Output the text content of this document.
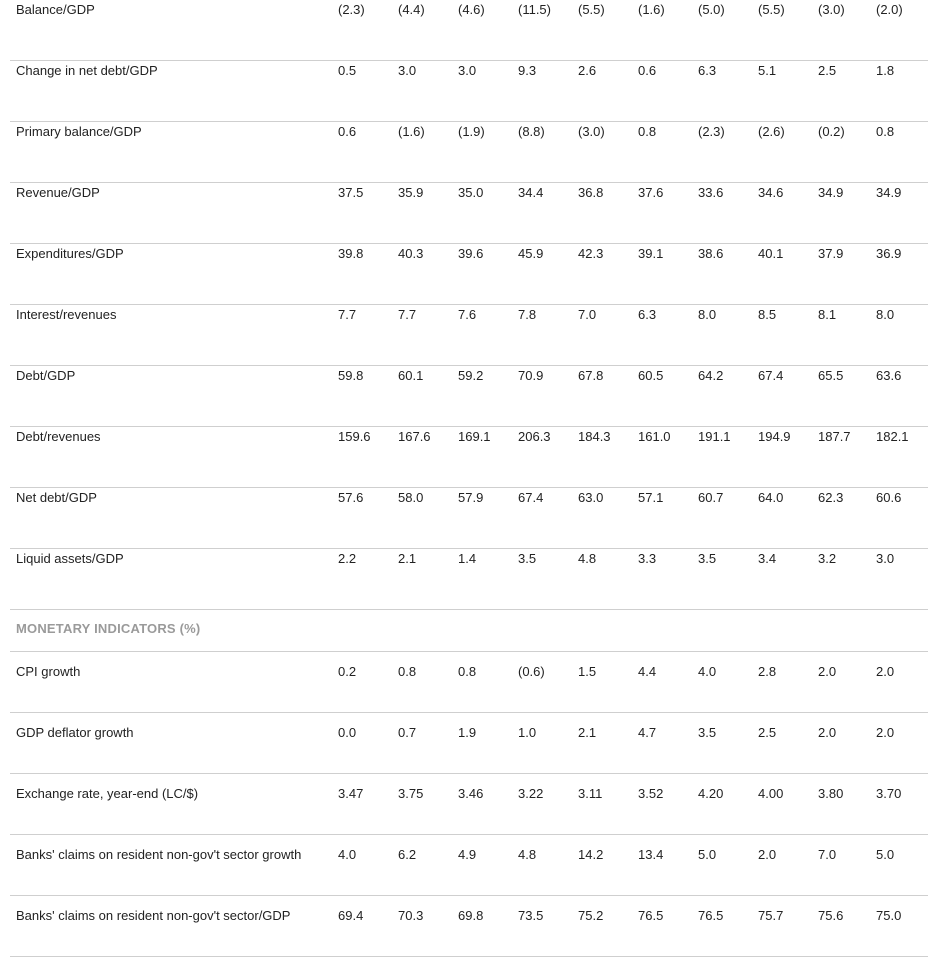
Balance/GDP	(2.3)	(4.4)	(4.6)	(11.5) (5.5)	(1.6)	(5.0)	(5.5)	(3.0) (2.0)
Change in net debt/GDP	0.5	3.0	3.0	9.3	2.6	0.6	6.3	5.1	2.5	1.8
Primary balance/GDP	0.6	(1.6)	(1.9)	(8.8)	(3.0)	0.8	(2.3)	(2.6)	(0.2) 0.8
Revenue/GDP	37.5	35.9	35.0	34.4	36.8	37.6	33.6	34.6	34.9	34.9
Expenditures/GDP	39.8	40.3	39.6	45.9	42.3	39.1	38.6	40.1	37.9	36.9
Interest/revenues	7.7	7.7	7.6	7.8	7.0	6.3	8.0	8.5	8.1	8.0
Debt/GDP	59.8	60.1	59.2	70.9	67.8	60.5	64.2	67.4	65.5	63.6
Debt/revenues	159.6 167.6 169.1 206.3 184.3 161.0 191.1 194.9 187.7 182.1
Net debt/GDP	57.6	58.0	57.9	67.4	63.0	57.1	60.7	64.0	62.3	60.6
Liquid assets/GDP	2.2	2.1	1.4	3.5	4.8	3.3	3.5	3.4	3.2	3.0
MONETARY INDICATORS (%)
CPI growth	0.2	0.8	0.8	(0.6)	1.5	4.4	4.0	2.8	2.0	2.0
GDP deflator growth	0.0	0.7	1.9	1.0	2.1	4.7	3.5	2.5	2.0	2.0
Exchange rate, year-end (LC/$)	3.47	3.75	3.46	3.22	3.11	3.52	4.20	4.00	3.80	3.70
Banks' claims on resident non-gov't sector growth	4.0	6.2	4.9	4.8	14.2	13.4	5.0	2.0	7.0	5.0
Banks' claims on resident non-gov't sector/GDP	69.4	70.3	69.8	73.5	75.2	76.5	76.5	75.7	75.6	75.0
